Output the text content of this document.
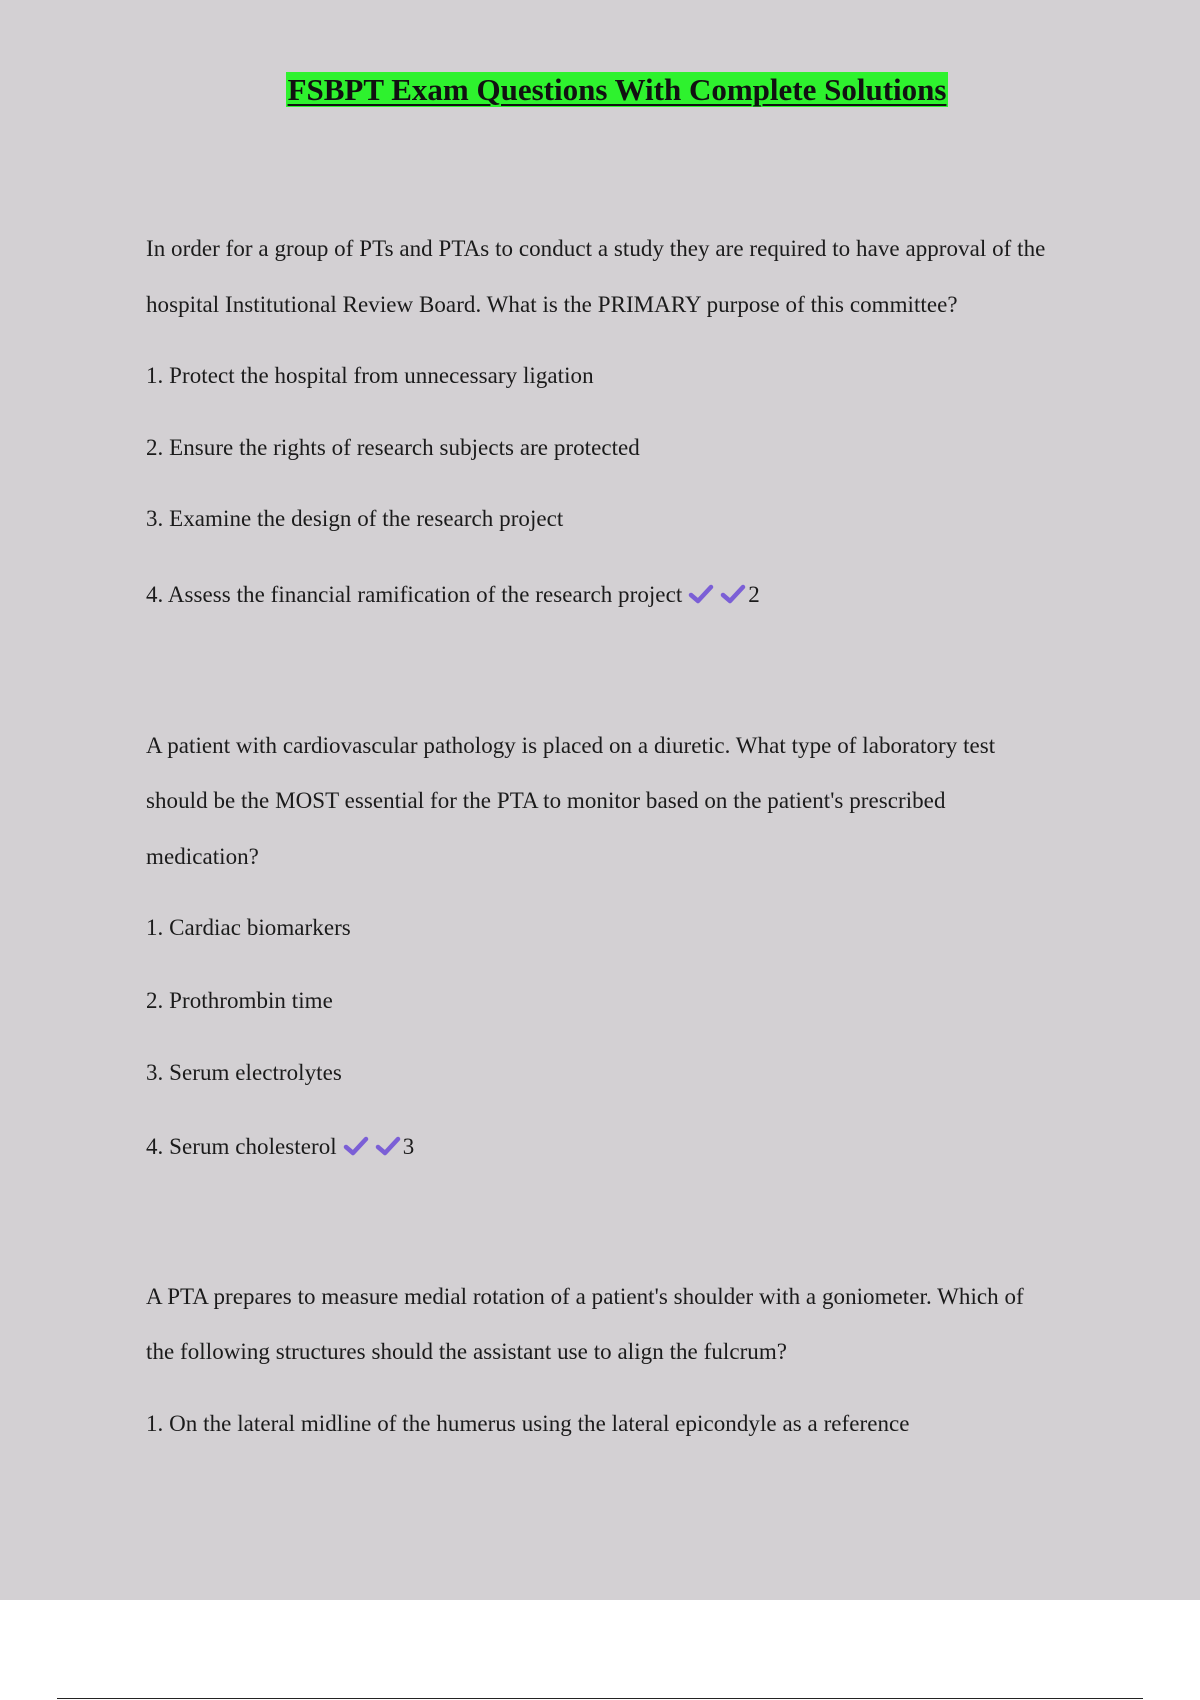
FSBPT Exam Questions With Complete Solutions
In order for a group of PTs and PTAs to conduct a study they are required to have approval of the
hospital Institutional Review Board. What is the PRIMARY purpose of this committee?
1. Protect the hospital from unnecessary ligation
2. Ensure the rights of research subjects are protected
3. Examine the design of the research project
4. Assess the financial ramification of the research project	2
A patient with cardiovascular pathology is placed on a diuretic. What type of laboratory test
should be the MOST essential for the PTA to monitor based on the patient's prescribed
medication?
1. Cardiac biomarkers
2. Prothrombin time
3. Serum electrolytes
4. Serum cholesterol	3
A PTA prepares to measure medial rotation of a patient's shoulder with a goniometer. Which of
the following structures should the assistant use to align the fulcrum?
1. On the lateral midline of the humerus using the lateral epicondyle as a reference
